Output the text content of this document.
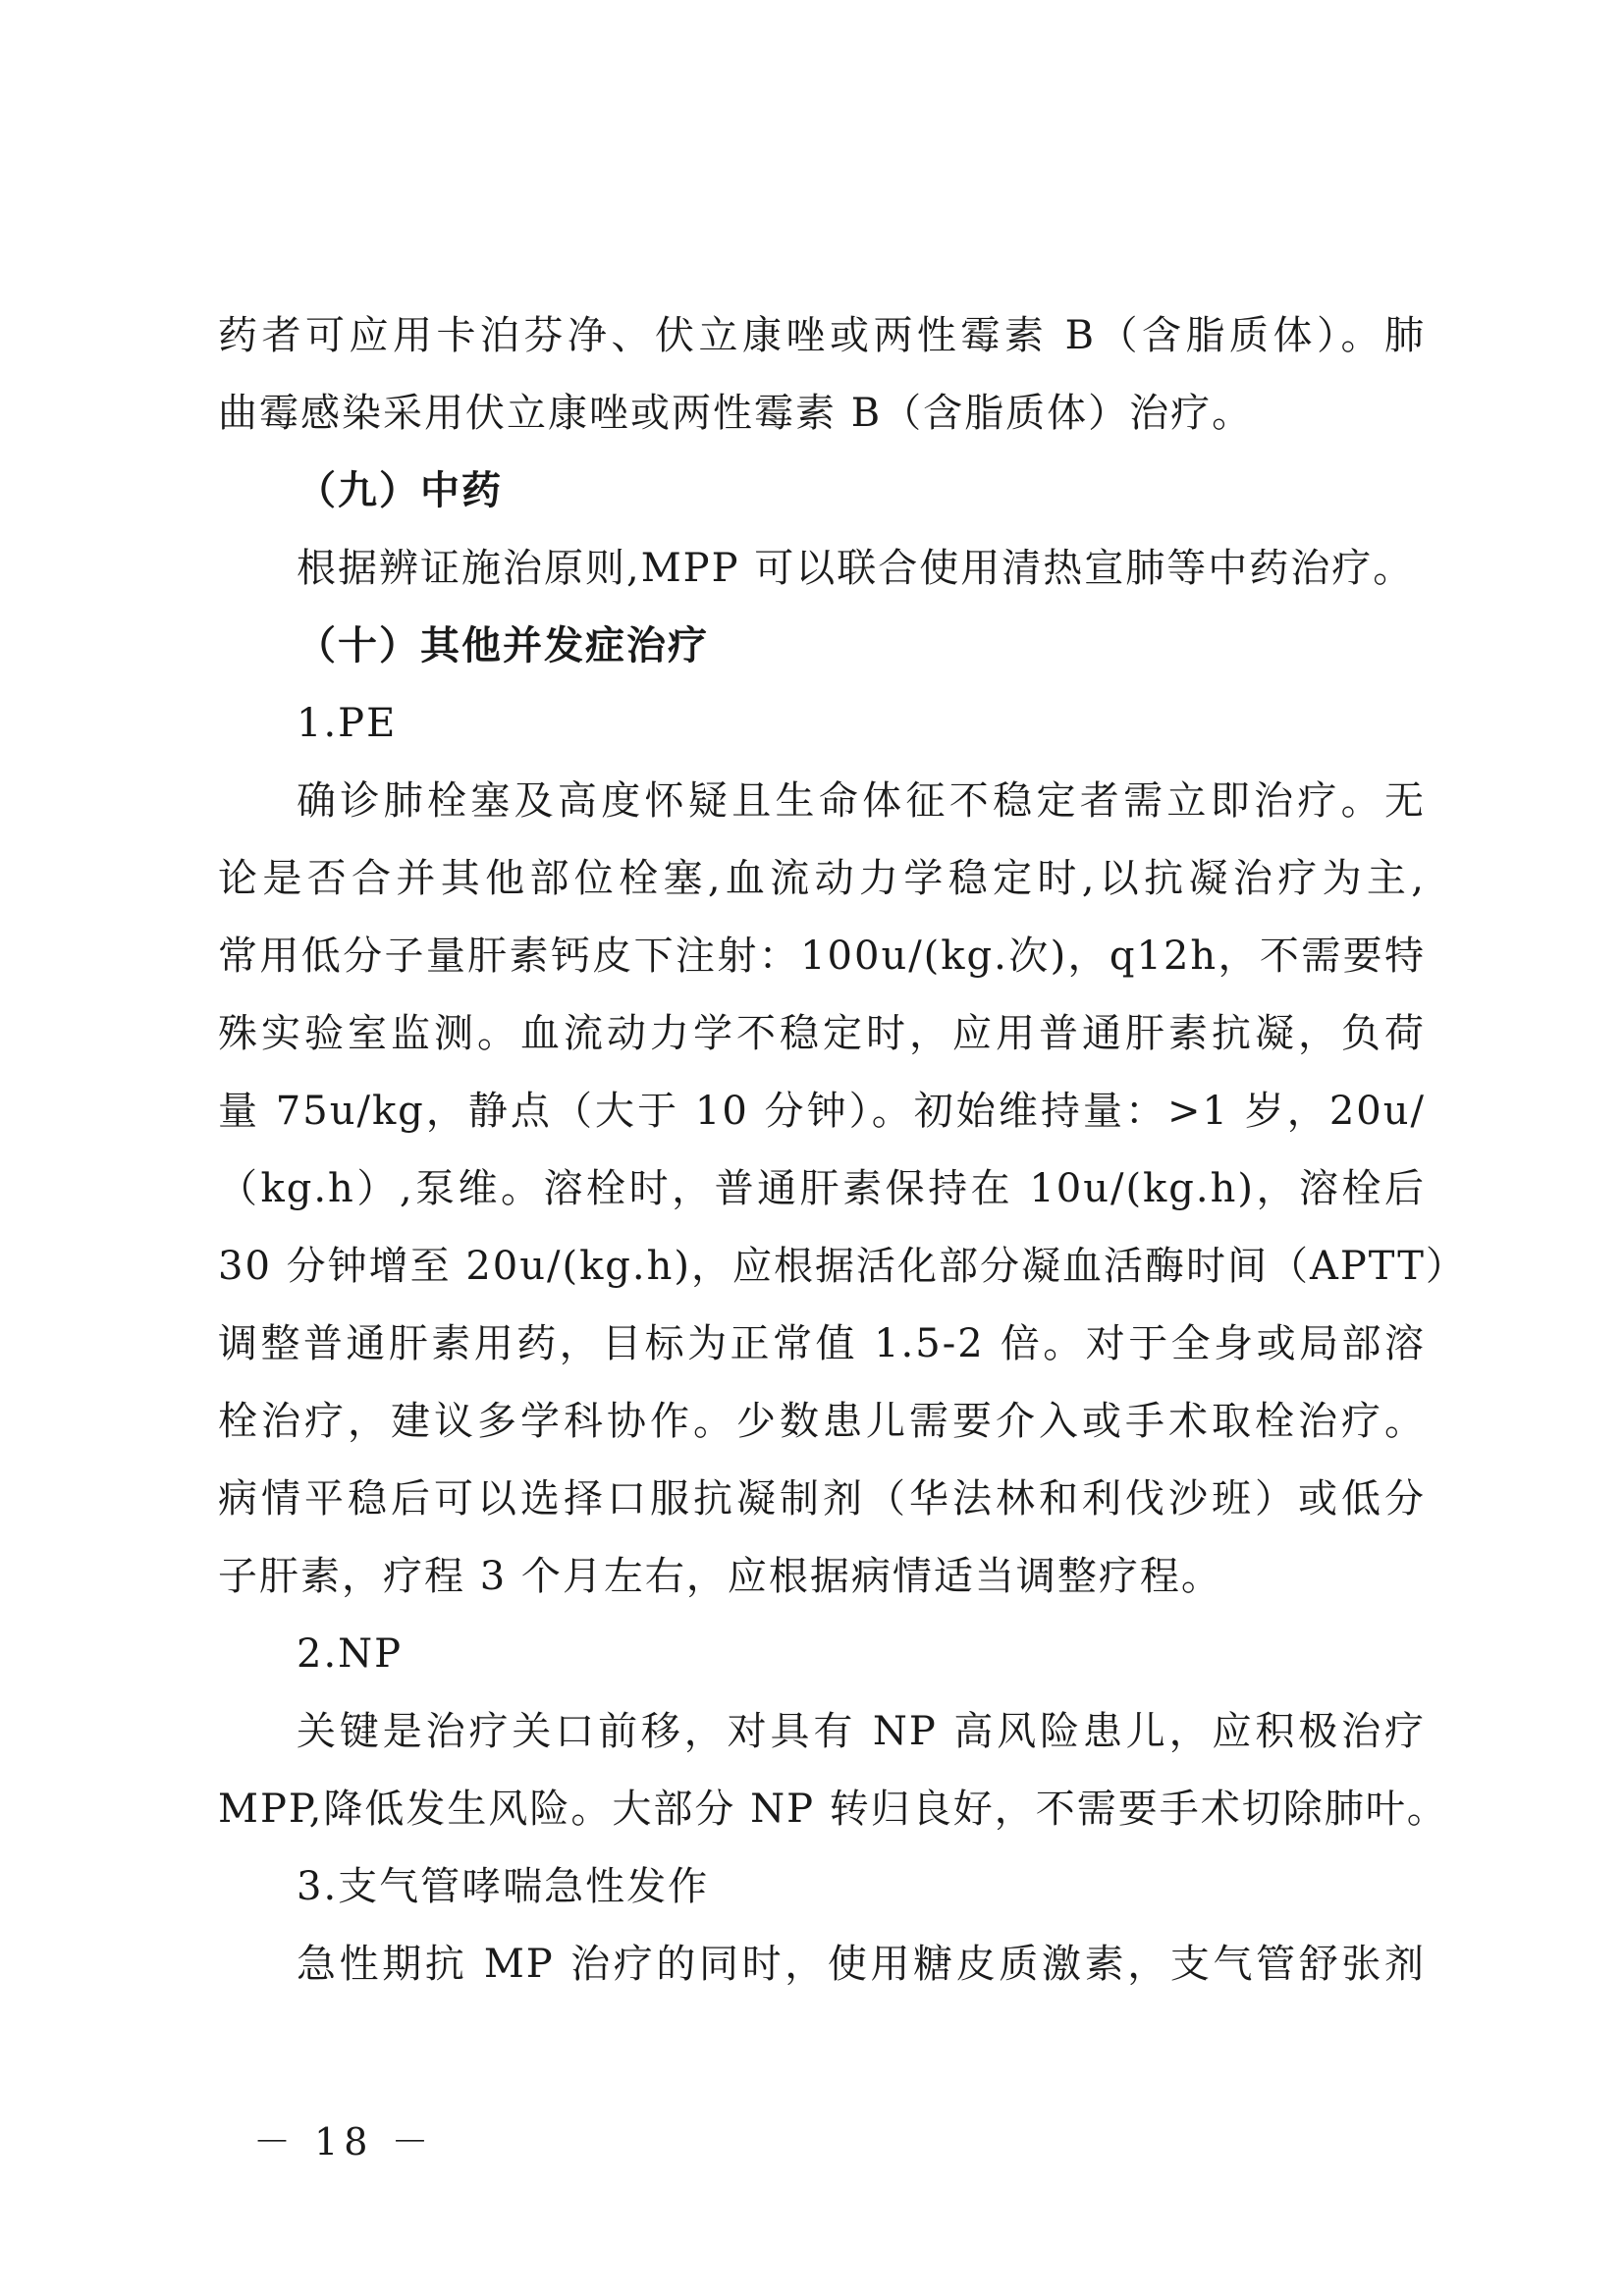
药者可应用卡泊芬净、伏立康唑或两性霉素 B（含脂质体）。肺
曲霉感染采用伏立康唑或两性霉素 B（含脂质体）治疗。
（九）中药
根据辨证施治原则,MPP 可以联合使用清热宣肺等中药治疗。
（十）其他并发症治疗
1.PE
确诊肺栓塞及高度怀疑且生命体征不稳定者需立即治疗。无
论是否合并其他部位栓塞,血流动力学稳定时,以抗凝治疗为主,
常用低分子量肝素钙皮下注射：100u/(kg.次)，q12h，不需要特
殊实验室监测。血流动力学不稳定时，应用普通肝素抗凝，负荷
量 75u/kg，静点（大于 10 分钟）。初始维持量：>1 岁，20u/
（kg.h）,泵维。溶栓时，普通肝素保持在 10u/(kg.h)，溶栓后
30 分钟增至 20u/(kg.h)，应根据活化部分凝血活酶时间（APTT）
调整普通肝素用药，目标为正常值 1.5-2 倍。对于全身或局部溶
栓治疗，建议多学科协作。少数患儿需要介入或手术取栓治疗。
病情平稳后可以选择口服抗凝制剂（华法林和利伐沙班）或低分
子肝素，疗程 3 个月左右，应根据病情适当调整疗程。
2.NP
关键是治疗关口前移，对具有 NP 高风险患儿，应积极治疗
MPP,降低发生风险。大部分 NP 转归良好，不需要手术切除肺叶。
3.支气管哮喘急性发作
急性期抗 MP 治疗的同时，使用糖皮质激素，支气管舒张剂
－ 18 －
